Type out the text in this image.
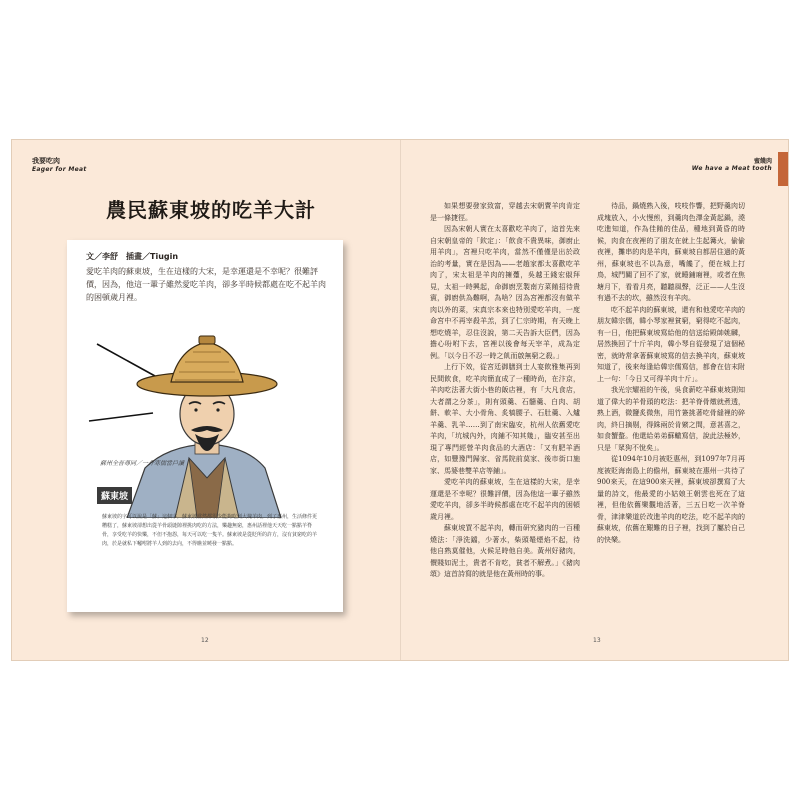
我要吃肉
Eager for Meat
蜜餞肉
We have a Meat tooth
農民蘇東坡的吃羊大計
文／李舒　插畫／Tiugin
愛吃羊肉的蘇東坡，生在這樣的大宋，是幸運還是不幸呢？很難評價，因為，他這一輩子雖然愛吃羊肉，卻多半時候都處在吃不起羊肉的困頓歲月裡。
蘇州全吾尊同／一介寒儒當戶讀
蘇東坡
蘇東坡的字可以說是「蘇」這個字，蘇東坡當然都很少能夠吃到大塊羊肉，到了惠州，生活條件更糟糕了，蘇東坡卻想出從羊骨頭縫隙裡挑肉吃的方法，樂趣無窮，惠州話裡他天天吃一點點羊脊骨，享受吃羊的快樂，不但不抱怨，每天可以吃一隻羊。蘇東坡是從貶所的許方，沒有貧窮吃的羊肉，於是就私下囑咐將羊人到的去向，不得瞧並曉發一點點。

如果想要發家致富，穿越去宋朝賣羊肉肯定是一條捷徑。

因為宋朝人實在太喜歡吃羊肉了，這首先來自宋朝皇帝的「欽定」：「飲食不貴異味，御廚止用羊肉」，宮裡只吃羊肉，當然不僅僅是出於政治的考量，實在是因為——老趙家都太喜歡吃羊肉了，宋太祖是羊肉的擁躉，吳越王錢宏俶拜見，太祖一時興起，命御廚烹製南方菜餚招待貴賓，御廚供為難啊，為啥？因為宮裡都沒有做羊肉以外的菜，宋真宗本來也特別愛吃羊肉，一度命宮中不再宰殺羊羔，到了仁宗時期，有天晚上想吃燒羊，忍住沒說，第二天告訴大臣們，因為擔心吩咐下去，宮裡以後會每天宰羊，成為定例。「以今日不忍一時之飢而啟無窮之殺。」

上行下效，從宮廷御膳到士人宴飲雅集再到民間飲食，吃羊肉簡直成了一種時尚，在汴京，羊肉吃法著大街小巷的飯店裡，有「大凡食店，大者謂之分茶」，則有頭羹、石髓羹、白肉、胡餅、軟羊、大小骨角、炙犒腰子、石肚羹、入爐羊羹、乳羊……到了南宋臨安，杭州人依舊愛吃羊肉，「坑城內外，肉鋪不知其幾」，臨安甚至出現了專門經營羊肉食品的大酒店：「又有肥羊酒店，如豐豫門歸家、省馬院前莫家、後市街口施家、馬婆巷雙羊店等鋪」。

愛吃羊肉的蘇東坡，生在這樣的大宋，是幸運還是不幸呢？很難評價，因為他這一輩子雖然愛吃羊肉，卻多半時候都處在吃不起羊肉的困頓歲月裡。

蘇東坡買不起羊肉，轉而研究豬肉的一百種燒法：「淨洗鐺，少著水，柴頭罨煙焰不起，待他自熟莫催他，火候足時他自美。黃州好豬肉，價賤如泥土，貴者不肯吃，貧者不解煮。」《豬肉頌》這首詩寫的就是他在黃州時的事。

待品，鍋燒熟入後，吱吱作響，把野羹肉切成塊放入，小火慢煎，到羹肉色澤金黃起鍋，澆吃進知道，作為佳餚的佳品，種地到黃昏的時候，肉食在夜裡的了朋友在就上生起篝火，偷偷夜裡，攤串的肉是羊肉，蘇東坡自都居住過的黃州，蘇東坡也不以為意，嘴饞了，便在城上打鳥，城門關了回不了家，就睡鋪廂裡，或者在焦塘月下，看看月亮，聽聽風聲，泛正——人生沒有過不去的坎，雖然沒有羊肉。

吃不起羊肉的蘇東坡，還有和他愛吃羊肉的朋友韓宗儒，韓小琴家裡貧窮，窮得吃不起肉，有一日，他把蘇東坡寫給他的信送給殿帥姚麟，居然換回了十斤羊肉，韓小琴自從發現了這個秘密，就時常拿著蘇東坡寫的信去換羊肉，蘇東坡知道了，後來每逢給韓宗儒寫信，都會在信末附上一句：「今日又可得羊肉十斤」。

我光宗耀祖的午後，吳食薪吃羊蘇東坡則知道了偉大的羊骨頭的吃法：把羊脊骨燉就煮透，熟上酒，微鹽炙微焦，用竹簽挑著吃骨縫裡的碎肉，終日摘剔，得銖兩於肯綮之間，意甚喜之，如食蟹螯。他還給弟弟蘇轍寫信，說此法極妙，只是「眾狗不悅矣」。

從1094年10月被貶惠州，到1097年7月再度被貶海南島上的儋州，蘇東坡在惠州一共待了900來天，在這900來天裡，蘇東坡卻撰寫了大量的詩文，他最愛的小姑娘王朝雲也死在了這裡，但他依舊樂觀地活著，三五日吃一次羊脊骨，津津樂道於改進羊肉的吃法，吃不起羊肉的蘇東坡，依舊在艱難的日子裡，找到了屬於自己的快樂。

12	13
